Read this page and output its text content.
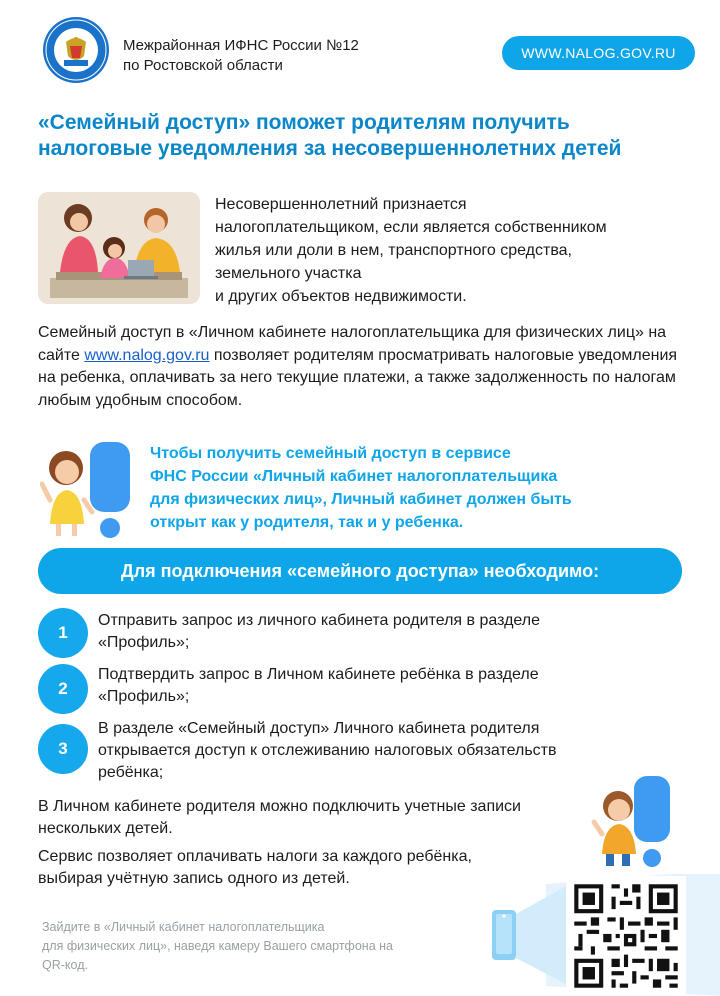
Межрайонная ИФНС России №12
по Ростовской области
WWW.NALOG.GOV.RU
«Семейный доступ» поможет родителям получить налоговые уведомления за несовершеннолетних детей
Несовершеннолетний признается
налогоплательщиком, если является собственником
жилья или доли в нем, транспортного средства,
земельного участка
и других объектов недвижимости.
Семейный доступ в «Личном кабинете налогоплательщика для физических лиц» на сайте www.nalog.gov.ru позволяет родителям просматривать налоговые уведомления на ребенка, оплачивать за него текущие платежи, а также задолженность по налогам любым удобным способом.
Чтобы получить семейный доступ в сервисе
ФНС России «Личный кабинет налогоплательщика
для физических лиц», Личный кабинет должен быть
открыт как у родителя, так и у ребенка.
Для подключения «семейного доступа» необходимо:
1
Отправить запрос из личного кабинета родителя в разделе
«Профиль»;
2
Подтвердить запрос в Личном кабинете ребёнка в разделе
«Профиль»;
3
В разделе «Семейный доступ» Личного кабинета родителя
открывается доступ к отслеживанию налоговых обязательств
ребёнка;
В Личном кабинете родителя можно подключить учетные записи
нескольких детей.
Сервис позволяет оплачивать налоги за каждого ребёнка,
выбирая учётную запись одного из детей.
Зайдите в «Личный кабинет налогоплательщика
для физических лиц», наведя камеру Вашего смартфона на
QR-код.
